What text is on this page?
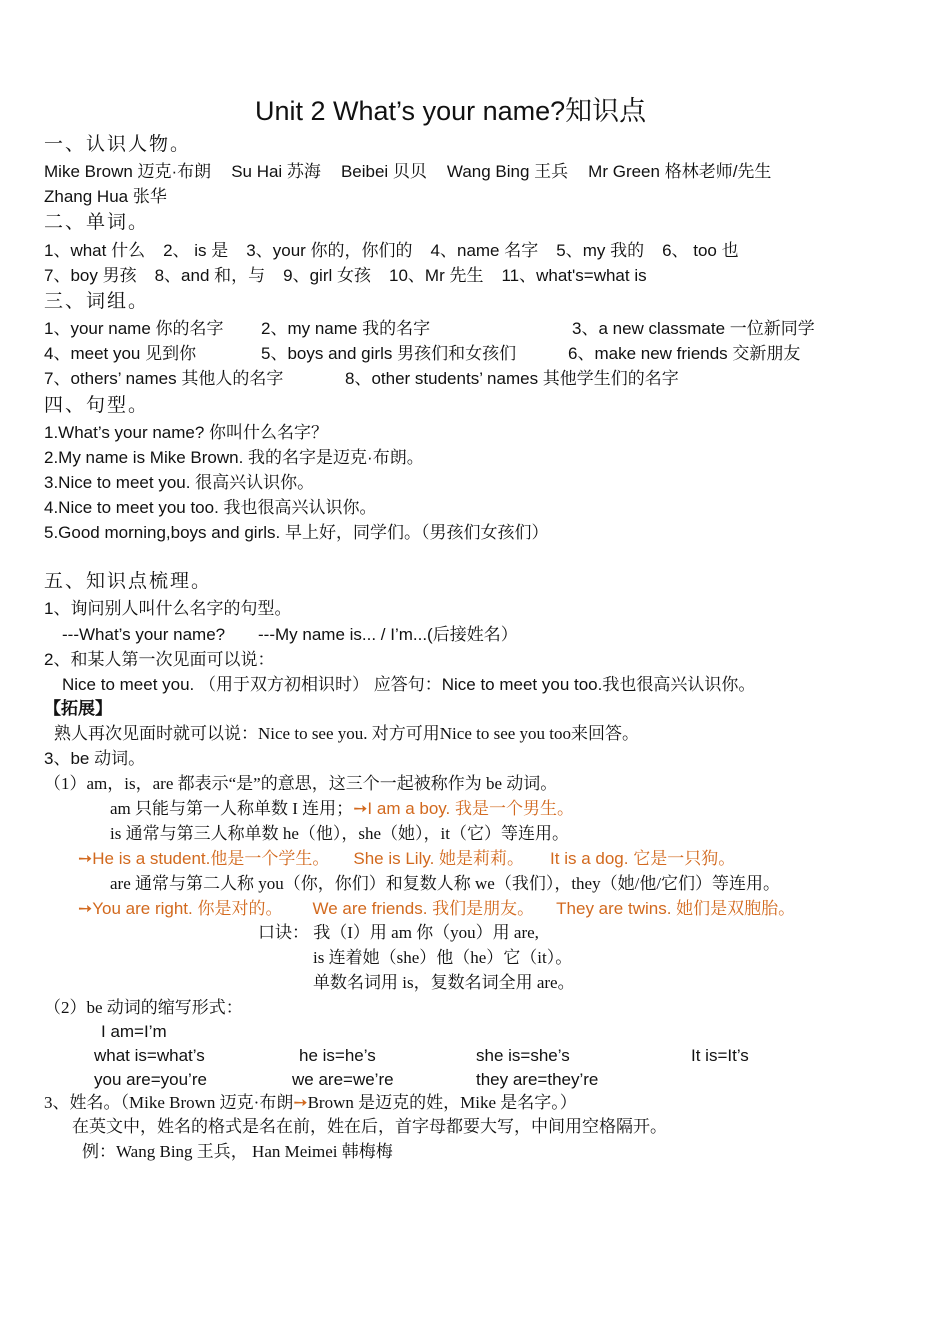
Unit 2 What’s your name?知识点
一、认识人物。
Mike Brown 迈克·布朗 Su Hai 苏海 Beibei 贝贝 Wang Bing 王兵 Mr Green 格林老师/先生
Zhang Hua 张华
二、单词。
1、what 什么 2、 is 是 3、your 你的，你们的 4、name 名字 5、my 我的 6、 too 也
7、boy 男孩 8、and 和，与 9、girl 女孩 10、Mr 先生 11、what's=what is
三、词组。
1、your name 你的名字 2、my name 我的名字	3、a new classmate 一位新同学
4、meet you 见到你	5、boys and girls 男孩们和女孩们	6、make new friends 交新朋友
7、others’ names 其他人的名字	8、other students’ names 其他学生们的名字
四、句型。
1.What’s your name? 你叫什么名字？
2.My name is Mike Brown. 我的名字是迈克·布朗。
3.Nice to meet you. 很高兴认识你。
4.Nice to meet you too. 我也很高兴认识你。
5.Good morning,boys and girls. 早上好，同学们。（男孩们女孩们）
五、知识点梳理。
1、询问别人叫什么名字的句型。
---What’s your name? ---My name is... / I’m...(后接姓名）
2、和某人第一次见面可以说：
Nice to meet you. （用于双方初相识时） 应答句：Nice to meet you too.我也很高兴认识你。
【拓展】
熟人再次见面时就可以说：Nice to see you. 对方可用Nice to see you too来回答。
3、be 动词。
（1）am，is，are 都表示“是”的意思，这三个一起被称作为 be 动词。
am 只能与第一人称单数 I 连用；➙I am a boy. 我是一个男生。
is 通常与第三人称单数 he（他），she（她），it（它）等连用。
➙He is a student.他是一个学生。 She is Lily. 她是莉莉。 It is a dog. 它是一只狗。
are 通常与第二人称 you（你，你们）和复数人称 we（我们），they（她/他/它们）等连用。
➙You are right. 你是对的。 We are friends. 我们是朋友。 They are twins. 她们是双胞胎。
口诀： 我（I）用 am 你（you）用 are,
is 连着她（she）他（he）它（it）。
单数名词用 is，复数名词全用 are。
（2）be 动词的缩写形式：
I am=I’m
what is=what’s	he is=he’s	she is=she’s	It is=It’s
you are=you’re	we are=we’re	they are=they’re
3、姓名。（Mike Brown 迈克·布朗➙Brown 是迈克的姓，Mike 是名字。）
在英文中，姓名的格式是名在前，姓在后，首字母都要大写，中间用空格隔开。
例：Wang Bing 王兵， Han Meimei 韩梅梅
